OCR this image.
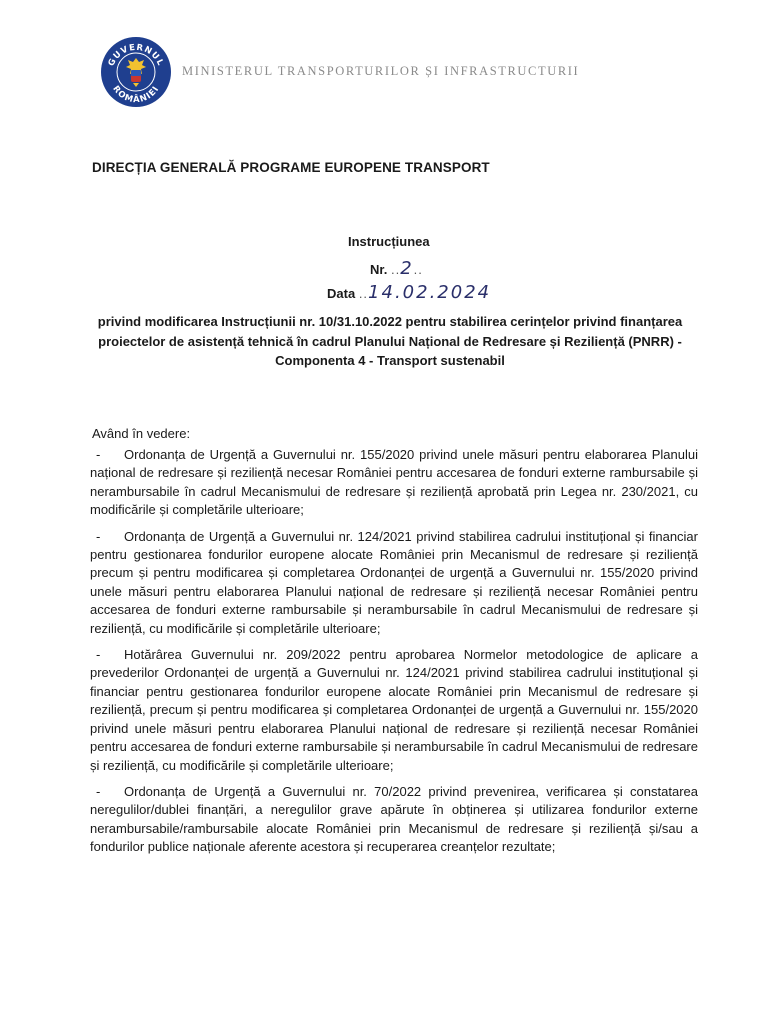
GUVERNUL
ROMÂNIEI
MINISTERUL TRANSPORTURILOR ȘI INFRASTRUCTURII
DIRECȚIA GENERALĂ PROGRAME EUROPENE TRANSPORT
Instrucțiunea
Nr. ..2..
Data ..14.02.2024
privind modificarea Instrucțiunii nr. 10/31.10.2022 pentru stabilirea cerințelor privind finanțarea proiectelor de asistență tehnică în cadrul Planului Național de Redresare și Reziliență (PNRR) - Componenta 4 - Transport sustenabil
Având în vedere:
- Ordonanța de Urgență a Guvernului nr. 155/2020 privind unele măsuri pentru elaborarea Planului național de redresare și reziliență necesar României pentru accesarea de fonduri externe rambursabile și nerambursabile în cadrul Mecanismului de redresare și reziliență aprobată prin Legea nr. 230/2021, cu modificările și completările ulterioare;
- Ordonanța de Urgență a Guvernului nr. 124/2021 privind stabilirea cadrului instituțional și financiar pentru gestionarea fondurilor europene alocate României prin Mecanismul de redresare și reziliență precum și pentru modificarea și completarea Ordonanței de urgență a Guvernului nr. 155/2020 privind unele măsuri pentru elaborarea Planului național de redresare și reziliență necesar României pentru accesarea de fonduri externe rambursabile și nerambursabile în cadrul Mecanismului de redresare și reziliență, cu modificările și completările ulterioare;
- Hotărârea Guvernului nr. 209/2022 pentru aprobarea Normelor metodologice de aplicare a prevederilor Ordonanței de urgență a Guvernului nr. 124/2021 privind stabilirea cadrului instituțional și financiar pentru gestionarea fondurilor europene alocate României prin Mecanismul de redresare și reziliență, precum și pentru modificarea și completarea Ordonanței de urgență a Guvernului nr. 155/2020 privind unele măsuri pentru elaborarea Planului național de redresare și reziliență necesar României pentru accesarea de fonduri externe rambursabile și nerambursabile în cadrul Mecanismului de redresare și reziliență, cu modificările și completările ulterioare;
- Ordonanța de Urgență a Guvernului nr. 70/2022 privind prevenirea, verificarea și constatarea neregulilor/dublei finanțări, a neregulilor grave apărute în obținerea și utilizarea fondurilor externe nerambursabile/rambursabile alocate României prin Mecanismul de redresare și reziliență și/sau a fondurilor publice naționale aferente acestora și recuperarea creanțelor rezultate;
